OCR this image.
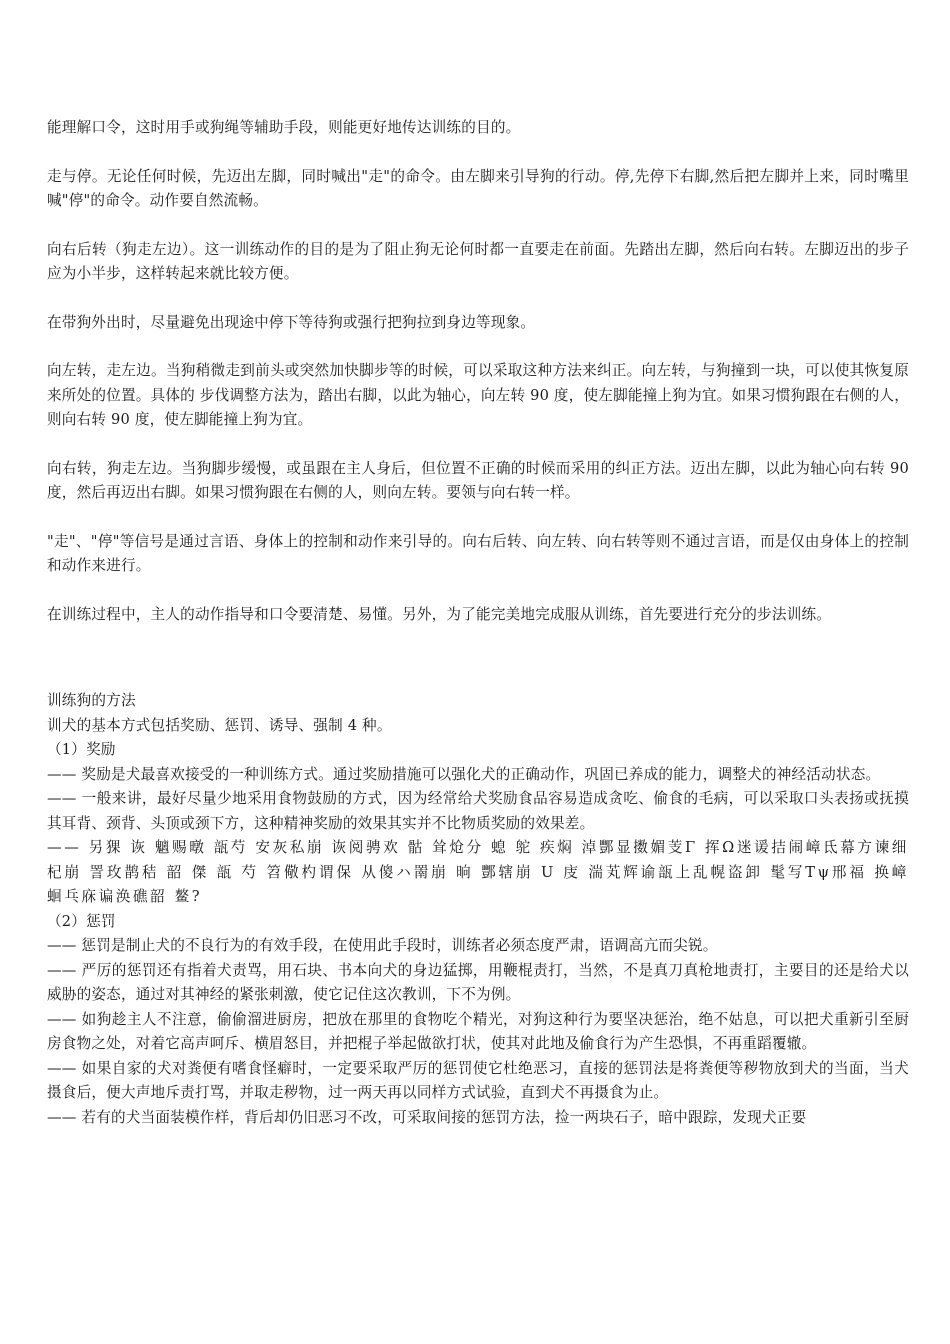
能理解口令，这时用手或狗绳等辅助手段，则能更好地传达训练的目的。

走与停。无论任何时候，先迈出左脚，同时喊出"走"的命令。由左脚来引导狗的行动。停,先停下右脚,然后把左脚并上来，同时嘴里喊"停"的命令。动作要自然流畅。

向右后转（狗走左边）。这一训练动作的目的是为了阻止狗无论何时都一直要走在前面。先踏出左脚，然后向右转。左脚迈出的步子应为小半步，这样转起来就比较方便。

在带狗外出时，尽量避免出现途中停下等待狗或强行把狗拉到身边等现象。

向左转，走左边。当狗稍微走到前头或突然加快脚步等的时候，可以采取这种方法来纠正。向左转，与狗撞到一块，可以使其恢复原来所处的位置。具体的 步伐调整方法为，踏出右脚，以此为轴心，向左转 90 度，使左脚能撞上狗为宜。如果习惯狗跟在右侧的人，则向右转 90 度，使左脚能撞上狗为宜。

向右转，狗走左边。当狗脚步缓慢，或虽跟在主人身后，但位置不正确的时候而采用的纠正方法。迈出左脚，以此为轴心向右转 90 度，然后再迈出右脚。如果习惯狗跟在右侧的人，则向左转。要领与向右转一样。

"走"、"停"等信号是通过言语、身体上的控制和动作来引导的。向右后转、向左转、向右转等则不通过言语，而是仅由身体上的控制和动作来进行。

在训练过程中，主人的动作指导和口令要清楚、易懂。另外，为了能完美地完成服从训练，首先要进行充分的步法训练。

训练狗的方法

训犬的基本方式包括奖励、惩罚、诱导、强制 4 种。

（1）奖励

—— 奖励是犬最喜欢接受的一种训练方式。通过奖励措施可以强化犬的正确动作，巩固已养成的能力，调整犬的神经活动状态。

—— 一般来讲，最好尽量少地采用食物鼓励的方式，因为经常给犬奖励食品容易造成贪吃、偷食的毛病，可以采取口头表扬或抚摸其耳背、颈背、头顶或颈下方，这种精神奖励的效果其实并不比物质奖励的效果差。

—— 另猓 诙 魑赐暾 瓿芍 安灰私崩 诙阅骋欢 骷 耸炝分 螅 鸵 疾焖 淖酆显擞媚芰Γ 挥Ω迷谖拮闹嶂氐幕方谏细 杞崩 詈玫鹊秸 韶 傑 瓿 芍 笤儆杓谓保 从傻ハ罱崩 晌 酆辖崩 U 庋 湍芄辉谕瓿上乱幌盗卸 髦写Τψ邢福 换嶂蛔乓庥谝涣礁韶 鳌?

（2）惩罚

—— 惩罚是制止犬的不良行为的有效手段，在使用此手段时，训练者必须态度严肃，语调高亢而尖锐。

—— 严厉的惩罚还有指着犬责骂，用石块、书本向犬的身边猛掷，用鞭棍责打，当然，不是真刀真枪地责打，主要目的还是给犬以威胁的姿态，通过对其神经的紧张刺激，使它记住这次教训，下不为例。

—— 如狗趁主人不注意，偷偷溜进厨房，把放在那里的食物吃个精光，对狗这种行为要坚决惩治，绝不姑息，可以把犬重新引至厨房食物之处，对着它高声呵斥、横眉怒目，并把棍子举起做欲打状，使其对此地及偷食行为产生恐惧，不再重蹈覆辙。

—— 如果自家的犬对粪便有嗜食怪癖时，一定要采取严厉的惩罚使它杜绝恶习，直接的惩罚法是将粪便等秽物放到犬的当面，当犬摄食后，便大声地斥责打骂，并取走秽物，过一两天再以同样方式试验，直到犬不再摄食为止。

—— 若有的犬当面装模作样，背后却仍旧恶习不改，可采取间接的惩罚方法，捡一两块石子，暗中跟踪，发现犬正要
